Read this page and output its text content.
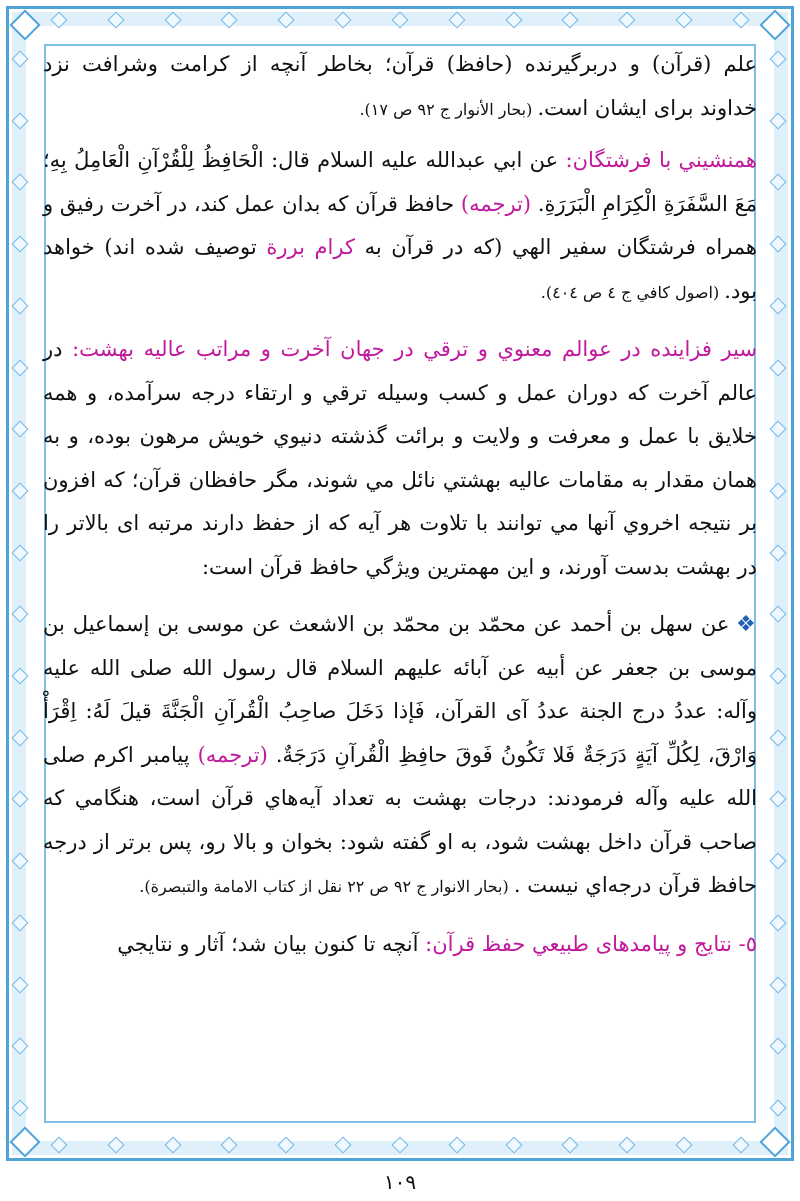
علم (قرآن) و دربرگيرنده (حافظ) قرآن؛ بخاطر آنچه از كرامت وشرافت نزد خداوند براى ايشان است. (بحار الأنوار ج ٩٢ ص ١٧).

همنشيني با فرشتگان: عن ابي عبدالله عليه السلام قال: الْحَافِظُ لِلْقُرْآنِ الْعَامِلُ بِهِ؛ مَعَ السَّفَرَةِ الْكِرَامِ الْبَرَرَةِ. (ترجمه) حافظ قرآن كه بدان عمل كند، در آخرت رفيق و همراه فرشتگان سفير الهي (كه در قرآن به كرام بررة توصيف شده اند) خواهد بود. (اصول كافي ج ٤ ص ٤٠٤).

سير فزاينده در عوالم معنوي و ترقي در جهان آخرت و مراتب عاليه بهشت: در عالم آخرت كه دوران عمل و كسب وسيله ترقي و ارتقاء درجه سرآمده، و همه خلايق با عمل و معرفت و ولايت و برائت گذشته دنيوي خويش مرهون بوده، و به همان مقدار به مقامات عاليه بهشتي نائل مي شوند، مگر حافظان قرآن؛ كه افزون بر نتيجه اخروي آنها مي توانند با تلاوت هر آيه كه از حفظ دارند مرتبه اى بالاتر را در بهشت بدست آورند، و اين مهمترين ويژگي حافظ قرآن است:

❖ عن سهل بن أحمد عن محمّد بن محمّد بن الاشعث عن موسى بن إسماعيل بن موسى بن جعفر عن أبيه عن آبائه عليهم السلام قال رسول الله صلى الله عليه وآله: عددُ درج الجنة عددُ آى القرآن، فَإذا دَخَلَ صاحِبُ الْقُرآنِ الْجَنَّةَ قيلَ لَهُ: اِقْرَأْ وَارْقَ، لِكُلِّ آيَةٍ دَرَجَةٌ فَلا تَكُونُ فَوقَ حافِظِ الْقُرآنِ دَرَجَةٌ. (ترجمه) پيامبر اكرم صلى الله عليه وآله فرمودند: درجات بهشت به تعداد آيه‌هاي قرآن است، هنگامي كه صاحب قرآن داخل بهشت شود، به او گفته شود: بخوان و بالا رو، پس برتر از درجه حافظ قرآن درجه‌اي نيست . (بحار الانوار ج ٩٢ ص ٢٢ نقل از كتاب الامامة والتبصرة).

٥- نتايج و پيامدهاى طبيعي حفظ قرآن: آنچه تا كنون بيان شد؛ آثار و نتايجي

١٠٩
